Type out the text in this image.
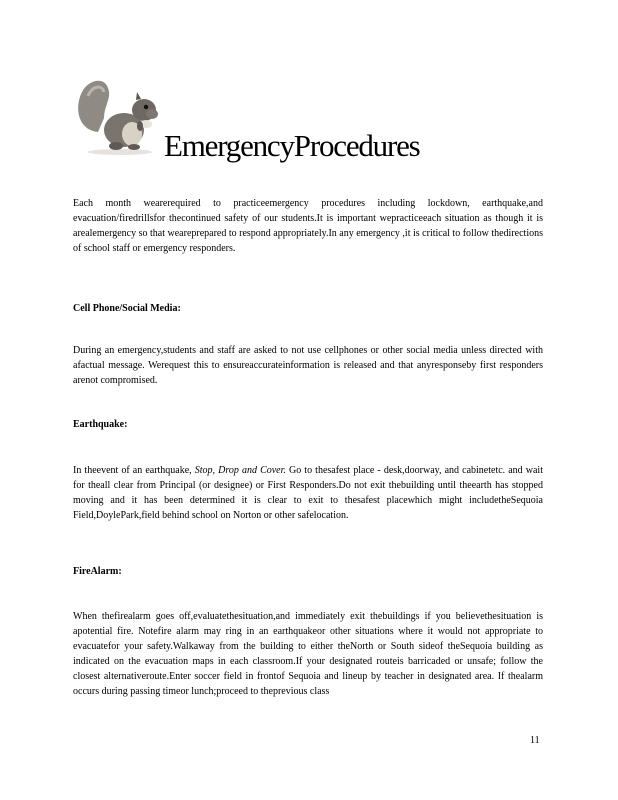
EmergencyProcedures

Each month wearerequired to practiceemergency procedures including lockdown, earthquake,and evacuation/firedrillsfor thecontinued safety of our students.It is important wepracticeeach situation as though it is arealemergency so that weareprepared to respond appropriately.In any emergency ,it is critical to follow thedirections of school staff or emergency responders.

Cell Phone/Social Media:

During an emergency,students and staff are asked to not use cellphones or other social media unless directed with afactual message. Werequest this to ensureaccurateinformation is released and that anyresponseby first responders arenot compromised.

Earthquake:

In theevent of an earthquake, Stop, Drop and Cover. Go to thesafest place - desk,doorway, and cabinetetc. and wait for theall clear from Principal (or designee) or First Responders.Do not exit thebuilding until theearth has stopped moving and it has been determined it is clear to exit to thesafest placewhich might includetheSequoia Field,DoylePark,field behind school on Norton or other safelocation.

FireAlarm:

When thefirealarm goes off,evaluatethesituation,and immediately exit thebuildings if you believethesituation is apotential fire. Notefire alarm may ring in an earthquakeor other situations where it would not appropriate to evacuatefor your safety.Walkaway from the building to either theNorth or South sideof theSequoia building as indicated on the evacuation maps in each classroom.If your designated routeis barricaded or unsafe; follow the closest alternativeroute.Enter soccer field in frontof Sequoia and lineup by teacher in designated area. If thealarm occurs during passing timeor lunch;proceed to theprevious class

11
